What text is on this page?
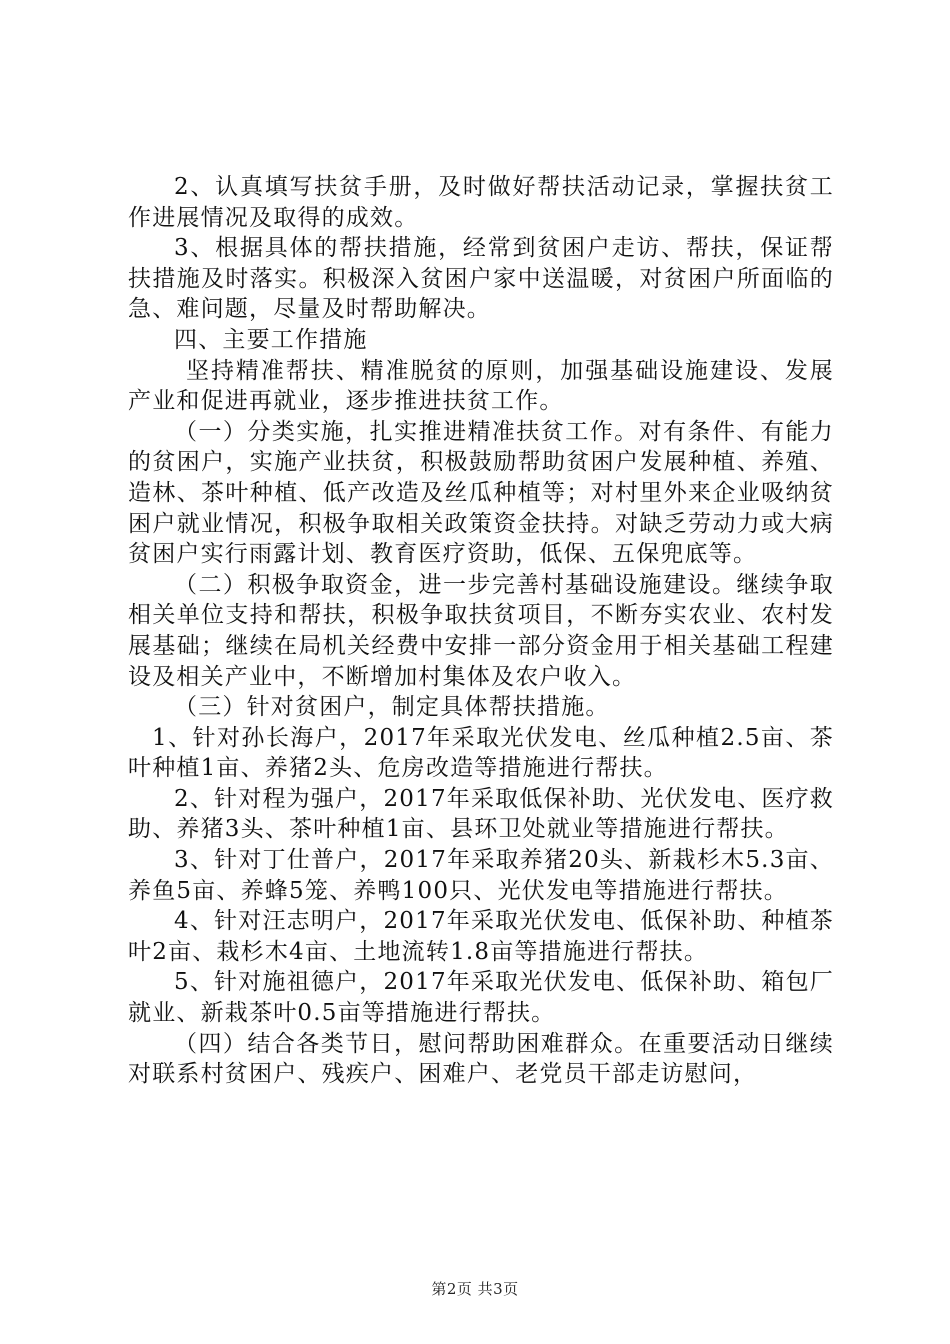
2、认真填写扶贫手册，及时做好帮扶活动记录，掌握扶贫工作进展情况及取得的成效。

3、根据具体的帮扶措施，经常到贫困户走访、帮扶，保证帮扶措施及时落实。积极深入贫困户家中送温暖，对贫困户所面临的急、难问题，尽量及时帮助解决。

四、主要工作措施

坚持精准帮扶、精准脱贫的原则，加强基础设施建设、发展产业和促进再就业，逐步推进扶贫工作。

（一）分类实施，扎实推进精准扶贫工作。对有条件、有能力的贫困户，实施产业扶贫，积极鼓励帮助贫困户发展种植、养殖、造林、茶叶种植、低产改造及丝瓜种植等；对村里外来企业吸纳贫困户就业情况，积极争取相关政策资金扶持。对缺乏劳动力或大病贫困户实行雨露计划、教育医疗资助，低保、五保兜底等。

（二）积极争取资金，进一步完善村基础设施建设。继续争取相关单位支持和帮扶，积极争取扶贫项目，不断夯实农业、农村发展基础；继续在局机关经费中安排一部分资金用于相关基础工程建设及相关产业中，不断增加村集体及农户收入。

（三）针对贫困户，制定具体帮扶措施。

1、针对孙长海户，2017年采取光伏发电、丝瓜种植2.5亩、茶叶种植1亩、养猪2头、危房改造等措施进行帮扶。

2、针对程为强户，2017年采取低保补助、光伏发电、医疗救助、养猪3头、茶叶种植1亩、县环卫处就业等措施进行帮扶。

3、针对丁仕普户，2017年采取养猪20头、新栽杉木5.3亩、养鱼5亩、养蜂5笼、养鸭100只、光伏发电等措施进行帮扶。

4、针对汪志明户，2017年采取光伏发电、低保补助、种植茶叶2亩、栽杉木4亩、土地流转1.8亩等措施进行帮扶。

5、针对施祖德户，2017年采取光伏发电、低保补助、箱包厂就业、新栽茶叶0.5亩等措施进行帮扶。

（四）结合各类节日，慰问帮助困难群众。在重要活动日继续对联系村贫困户、残疾户、困难户、老党员干部走访慰问，

第2页 共3页
